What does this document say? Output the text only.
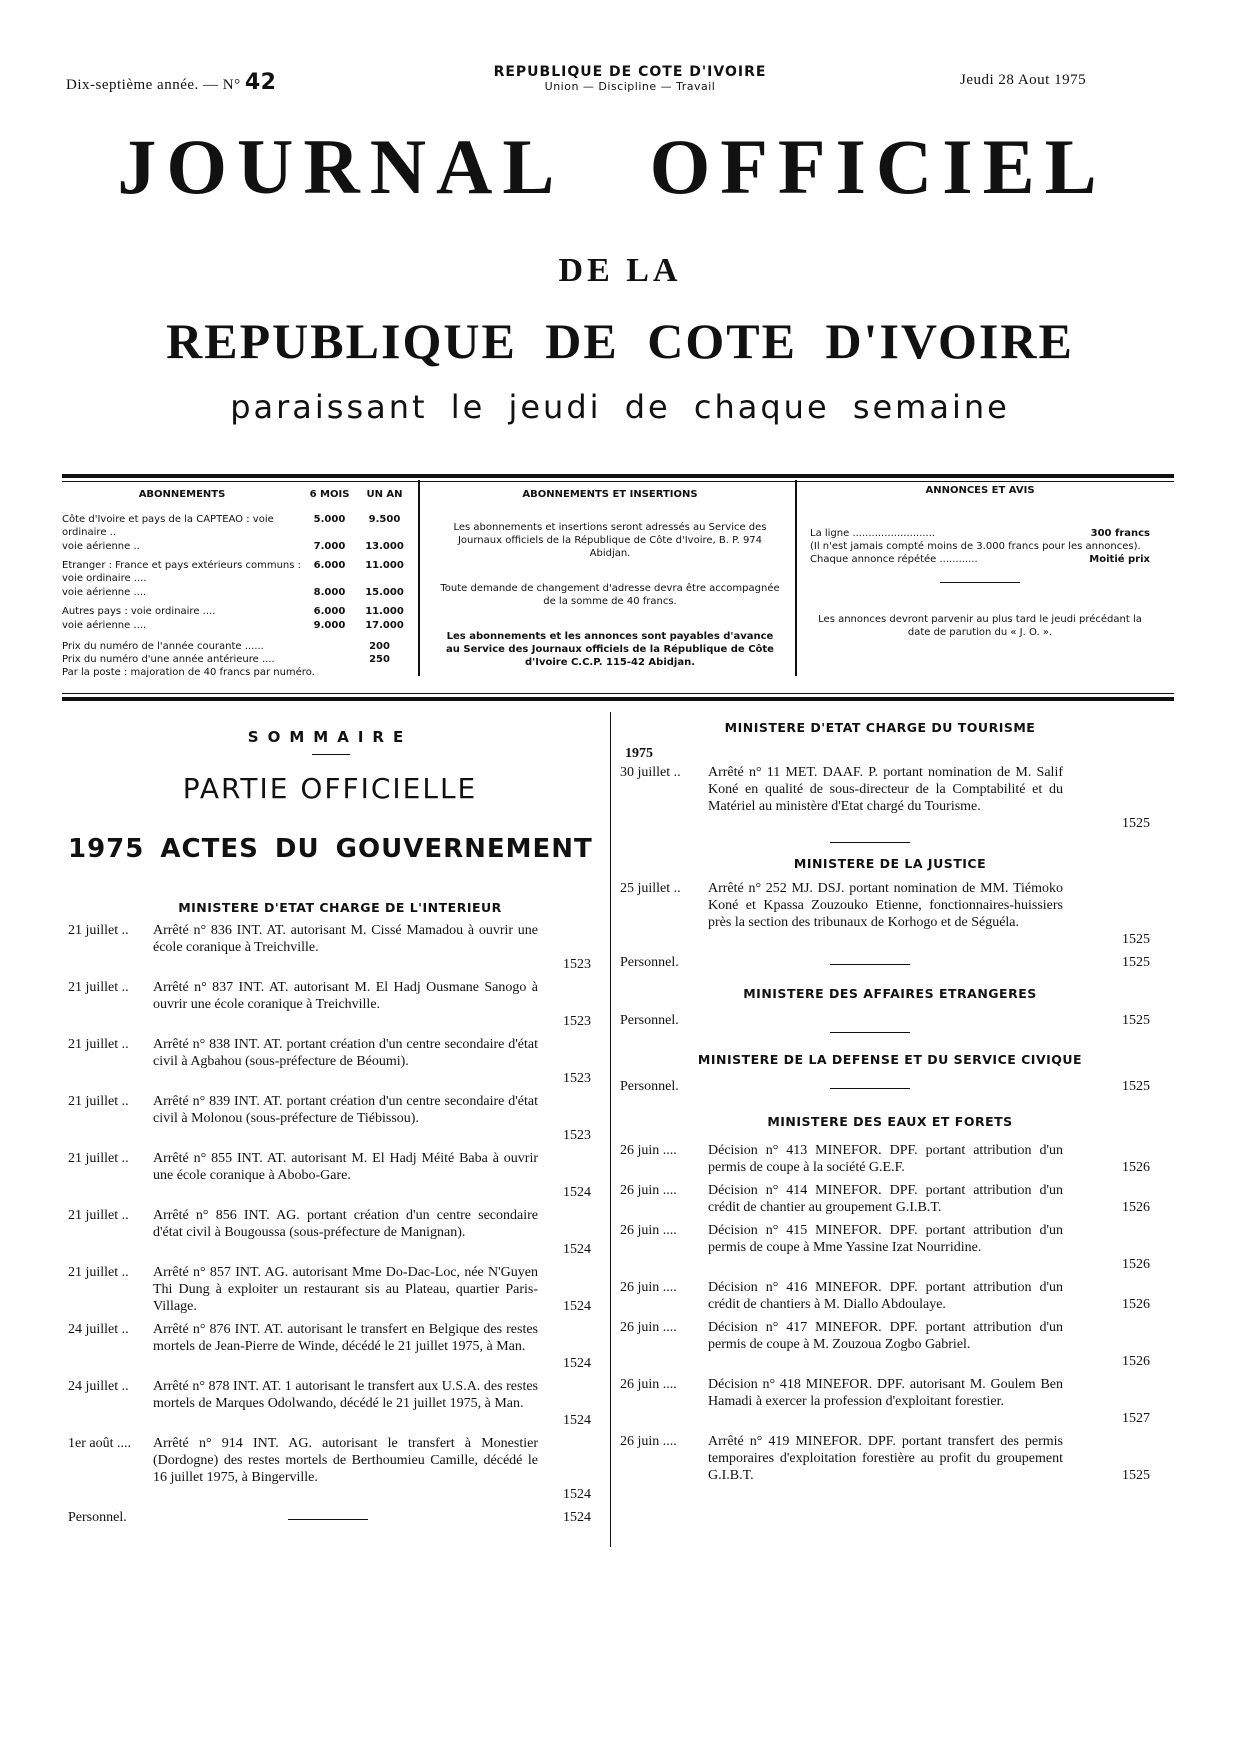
Dix-septième année. — N° 42	REPUBLIQUE DE COTE D'IVOIRE
Union — Discipline — Travail	Jeudi 28 Aout 1975
JOURNAL OFFICIEL
DE LA
REPUBLIQUE DE COTE D'IVOIRE
paraissant le jeudi de chaque semaine
ABONNEMENTS	6 MOIS	UN AN
Côte d'Ivoire et pays de la CAPTEAO : voie ordinaire ..
5.000	9.500
voie aérienne ..	7.000	13.000
Etranger : France et pays extérieurs communs : voie ordinaire ....
6.000	11.000
voie aérienne ....	8.000	15.000
Autres pays : voie ordinaire ....	6.000	11.000
voie aérienne ....	9.000	17.000
Prix du numéro de l'année courante ......	200
Prix du numéro d'une année antérieure ....	250
Par la poste : majoration de 40 francs par numéro.
ABONNEMENTS ET INSERTIONS
Les abonnements et insertions seront adressés au Service des Journaux officiels de la République de Côte d'Ivoire, B. P. 974 Abidjan.
Toute demande de changement d'adresse devra être accompagnée de la somme de 40 francs.
Les abonnements et les annonces sont payables d'avance au Service des Journaux officiels de la République de Côte d'Ivoire C.C.P. 115-42 Abidjan.
ANNONCES ET AVIS
La ligne ..........................	300 francs
(Il n'est jamais compté moins de 3.000 francs pour les annonces).
Chaque annonce répétée ............	Moitié prix
Les annonces devront parvenir au plus tard le jeudi précédant la date de parution du « J. O. ».
SOMMAIRE
PARTIE OFFICIELLE
1975 ACTES DU GOUVERNEMENT
MINISTERE D'ETAT CHARGE DE L'INTERIEUR
21 juillet .. Arrêté n° 836 INT. AT. autorisant M. Cissé Mamadou à ouvrir une école coranique à Treichville.
1523
21 juillet .. Arrêté n° 837 INT. AT. autorisant M. El Hadj Ousmane Sanogo à ouvrir une école coranique à Treichville.
1523
21 juillet .. Arrêté n° 838 INT. AT. portant création d'un centre secondaire d'état civil à Agbahou (sous-préfecture de Béoumi).
1523
21 juillet .. Arrêté n° 839 INT. AT. portant création d'un centre secondaire d'état civil à Molonou (sous-préfecture de Tiébissou).
1523
21 juillet .. Arrêté n° 855 INT. AT. autorisant M. El Hadj Méité Baba à ouvrir une école coranique à Abobo-Gare.
1524
21 juillet .. Arrêté n° 856 INT. AG. portant création d'un centre secondaire d'état civil à Bougoussa (sous-préfecture de Manignan).
1524
21 juillet .. Arrêté n° 857 INT. AG. autorisant Mme Do-Dac-Loc, née N'Guyen Thi Dung à exploiter un restaurant sis au Plateau, quartier Paris-Village.	1524
24 juillet .. Arrêté n° 876 INT. AT. autorisant le transfert en Belgique des restes mortels de Jean-Pierre de Winde, décédé le 21 juillet 1975, à Man.
1524
24 juillet .. Arrêté n° 878 INT. AT. 1 autorisant le transfert aux U.S.A. des restes mortels de Marques Odolwando, décédé le 21 juillet 1975, à Man.
1524
1er août .... Arrêté n° 914 INT. AG. autorisant le transfert à Monestier (Dordogne) des restes mortels de Berthoumieu Camille, décédé le 16 juillet 1975, à Bingerville.
1524
Personnel.	1524
MINISTERE D'ETAT CHARGE DU TOURISME
1975
30 juillet .. Arrêté n° 11 MET. DAAF. P. portant nomination de M. Salif Koné en qualité de sous-directeur de la Comptabilité et du Matériel au ministère d'Etat chargé du Tourisme.
1525
MINISTERE DE LA JUSTICE
25 juillet .. Arrêté n° 252 MJ. DSJ. portant nomination de MM. Tiémoko Koné et Kpassa Zouzouko Etienne, fonctionnaires-huissiers près la section des tribunaux de Korhogo et de Séguéla.
1525
Personnel.	1525
MINISTERE DES AFFAIRES ETRANGERES
Personnel.	1525
MINISTERE DE LA DEFENSE ET DU SERVICE CIVIQUE
Personnel.	1525
MINISTERE DES EAUX ET FORETS
26 juin .... Décision n° 413 MINEFOR. DPF. portant attribution d'un permis de coupe à la société G.E.F.	1526
26 juin .... Décision n° 414 MINEFOR. DPF. portant attribution d'un crédit de chantier au groupement G.I.B.T.	1526
26 juin .... Décision n° 415 MINEFOR. DPF. portant attribution d'un permis de coupe à Mme Yassine Izat Nourridine.
1526
26 juin .... Décision n° 416 MINEFOR. DPF. portant attribution d'un crédit de chantiers à M. Diallo Abdoulaye.	1526
26 juin .... Décision n° 417 MINEFOR. DPF. portant attribution d'un permis de coupe à M. Zouzoua Zogbo Gabriel.
1526
26 juin .... Décision n° 418 MINEFOR. DPF. autorisant M. Goulem Ben Hamadi à exercer la profession d'exploitant forestier.
1527
26 juin .... Arrêté n° 419 MINEFOR. DPF. portant transfert des permis temporaires d'exploitation forestière au profit du groupement G.I.B.T.	1525
